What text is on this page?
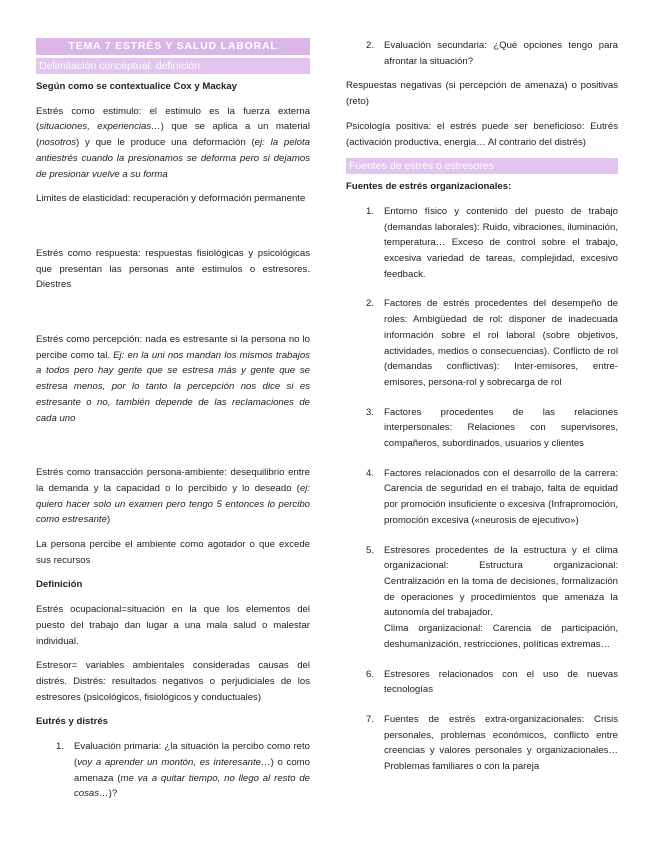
TEMA 7 ESTRÉS Y SALUD LABORAL
Delimitación conceptual: definición

Según como se contextualice Cox y Mackay

Estrés como estimulo: el estimulo es la fuerza externa (situaciones, experiencias…) que se aplica a un material (nosotros) y que le produce una deformación (ej: la pelota antiestrés cuando la presionamos se deforma pero si dejamos de presionar vuelve a su forma

Limites de elasticidad: recuperación y deformación permanente

Estrés como respuesta: respuestas fisiológicas y psicológicas que presentan las personas ante estimulos o estresores. Diestres

Estrés como percepción: nada es estresante si la persona no lo percibe como tal. Ej: en la uni nos mandan los mismos trabajos a todos pero hay gente que se estresa más y gente que se estresa menos, por lo tanto la percepción nos dice si es estresante o no, también depende de las reclamaciones de cada uno

Estrés como transacción persona-ambiente: desequilibrio entre la demanda y la capacidad o lo percibido y lo deseado (ej: quiero hacer solo un examen pero tengo 5 entonces lo percibo como estresante)

La persona percibe el ambiente como agotador o que excede sus recursos

Definición

Estrés ocupacional=situación en la que los elementos del puesto del trabajo dan lugar a una mala salud o malestar individual.

Estresor= variables ambientales consideradas causas del distrés. Distrés: resultados negativos o perjudiciales de los estresores (psicológicos, fisiológicos y conductuales)

Eutrés y distrés

1. Evaluación primaria: ¿la situación la percibo como reto (voy a aprender un montón, es interesante…) o como amenaza (me va a quitar tiempo, no llego al resto de cosas…)?
2. Evaluación secundaria: ¿Qué opciones tengo para afrontar la situación?

Respuestas negativas (si percepción de amenaza) o positivas (reto)

Psicología positiva: el estrés puede ser beneficioso: Eutrés (activación productiva, energia… Al contrario del distrés)

Fuentes de estrés o estresores

Fuentes de estrés organizacionales:

1. Entorno físico y contenido del puesto de trabajo (demandas laborales): Ruido, vibraciones, iluminación, temperatura… Exceso de control sobre el trabajo, excesiva variedad de tareas, complejidad, excesivo feedback.
2. Factores de estrés procedentes del desempeño de roles: Ambigüedad de rol: disponer de inadecuada información sobre el rol laboral (sobre objetivos, actividades, medios o consecuencias). Conflicto de rol (demandas conflictivas): Inter-emisores, entre-emisores, persona-rol y sobrecarga de rol
3. Factores procedentes de las relaciones interpersonales: Relaciones con supervisores, compañeros, subordinados, usuarios y clientes
4. Factores relacionados con el desarrollo de la carrera: Carencia de seguridad en el trabajo, falta de equidad por promoción insuficiente o excesiva (Infrapromoción, promoción excesiva («neurosis de ejecutivo»)
5. Estresores procedentes de la estructura y el clima organizacional: Estructura organizacional: Centralización en la toma de decisiones, formalización de operaciones y procedimientos que amenaza la autonomía del trabajador.
Clima organizacional: Carencia de participación, deshumanización, restricciones, políticas extremas…
6. Estresores relacionados con el uso de nuevas tecnologías
7. Fuentes de estrés extra-organizacionales: Crisis personales, problemas económicos, conflicto entre creencias y valores personales y organizacionales… Problemas familiares o con la pareja
